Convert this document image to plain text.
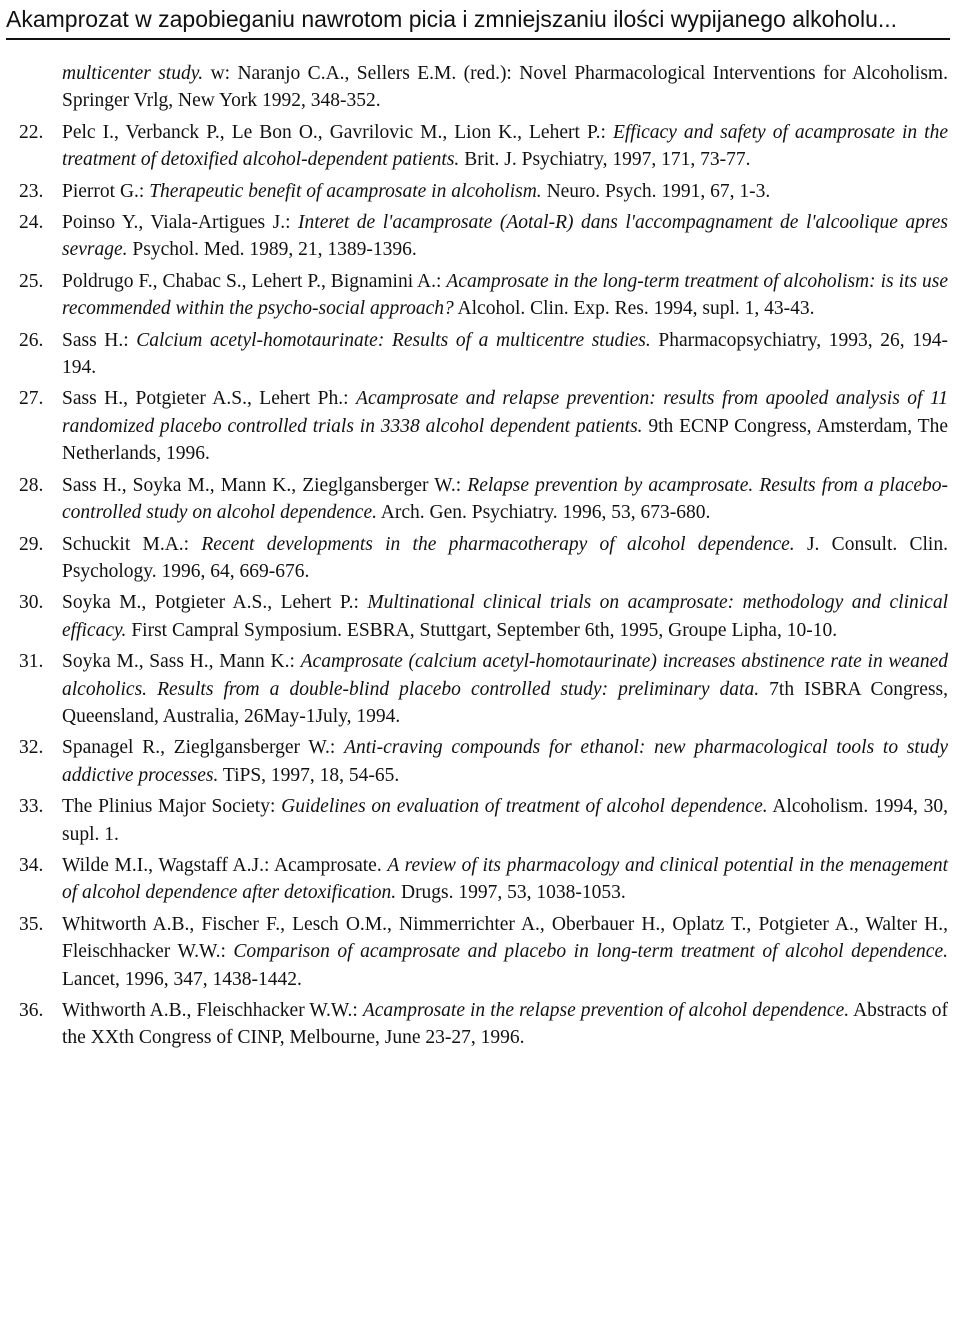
Akamprozat w zapobieganiu nawrotom picia i zmniejszaniu ilości wypijanego alkoholu...

multicenter study. w: Naranjo C.A., Sellers E.M. (red.): Novel Pharmacological Interventions for Alcoholism. Springer Vrlg, New York 1992, 348-352.

22. Pelc I., Verbanck P., Le Bon O., Gavrilovic M., Lion K., Lehert P.: Efficacy and safety of acamprosate in the treatment of detoxified alcohol-dependent patients. Brit. J. Psychiatry, 1997, 171, 73-77.

23. Pierrot G.: Therapeutic benefit of acamprosate in alcoholism. Neuro. Psych. 1991, 67, 1-3.

24. Poinso Y., Viala-Artigues J.: Interet de l'acamprosate (Aotal-R) dans l'accompagnament de l'alcoolique apres sevrage. Psychol. Med. 1989, 21, 1389-1396.

25. Poldrugo F., Chabac S., Lehert P., Bignamini A.: Acamprosate in the long-term treatment of alcoholism: is its use recommended within the psycho-social approach? Alcohol. Clin. Exp. Res. 1994, supl. 1, 43-43.

26. Sass H.: Calcium acetyl-homotaurinate: Results of a multicentre studies. Pharmacopsychiatry, 1993, 26, 194-194.

27. Sass H., Potgieter A.S., Lehert Ph.: Acamprosate and relapse prevention: results from apooled analysis of 11 randomized placebo controlled trials in 3338 alcohol dependent patients. 9th ECNP Congress, Amsterdam, The Netherlands, 1996.

28. Sass H., Soyka M., Mann K., Zieglgansberger W.: Relapse prevention by acamprosate. Results from a placebo-controlled study on alcohol dependence. Arch. Gen. Psychiatry. 1996, 53, 673-680.

29. Schuckit M.A.: Recent developments in the pharmacotherapy of alcohol dependence. J. Consult. Clin. Psychology. 1996, 64, 669-676.

30. Soyka M., Potgieter A.S., Lehert P.: Multinational clinical trials on acamprosate: methodology and clinical efficacy. First Campral Symposium. ESBRA, Stuttgart, September 6th, 1995, Groupe Lipha, 10-10.

31. Soyka M., Sass H., Mann K.: Acamprosate (calcium acetyl-homotaurinate) increases abstinence rate in weaned alcoholics. Results from a double-blind placebo controlled study: preliminary data. 7th ISBRA Congress, Queensland, Australia, 26May-1July, 1994.

32. Spanagel R., Zieglgansberger W.: Anti-craving compounds for ethanol: new pharmacological tools to study addictive processes. TiPS, 1997, 18, 54-65.

33. The Plinius Major Society: Guidelines on evaluation of treatment of alcohol dependence. Alcoholism. 1994, 30, supl. 1.

34. Wilde M.I., Wagstaff A.J.: Acamprosate. A review of its pharmacology and clinical potential in the menagement of alcohol dependence after detoxification. Drugs. 1997, 53, 1038-1053.

35. Whitworth A.B., Fischer F., Lesch O.M., Nimmerrichter A., Oberbauer H., Oplatz T., Potgieter A., Walter H., Fleischhacker W.W.: Comparison of acamprosate and placebo in long-term treatment of alcohol dependence. Lancet, 1996, 347, 1438-1442.

36. Withworth A.B., Fleischhacker W.W.: Acamprosate in the relapse prevention of alcohol dependence. Abstracts of the XXth Congress of CINP, Melbourne, June 23-27, 1996.
